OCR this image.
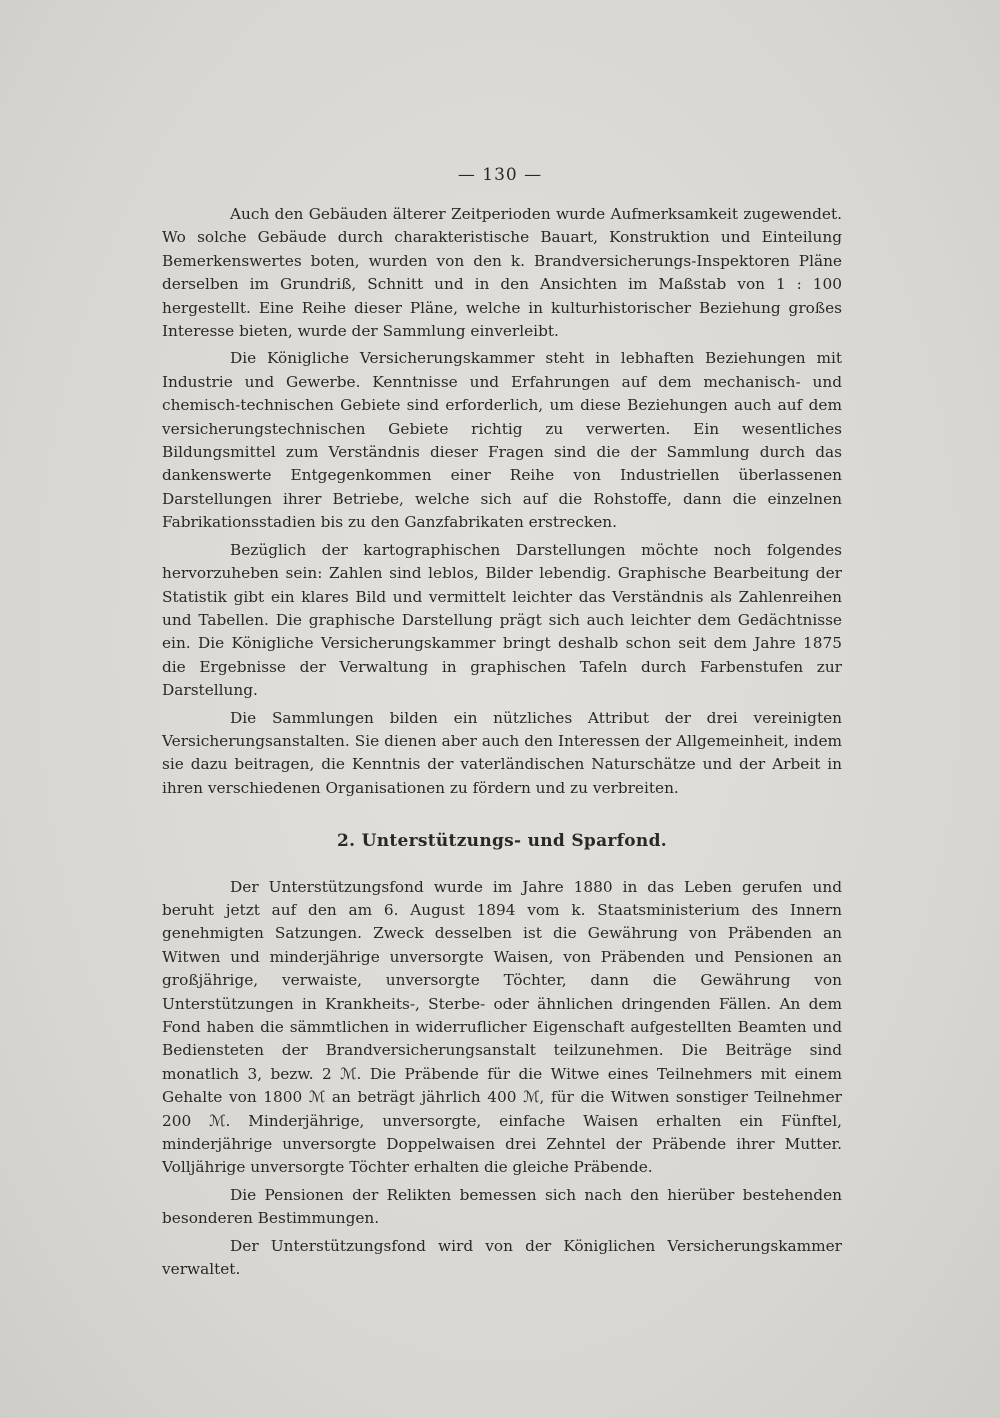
— 130 —

Auch den Gebäuden älterer Zeitperioden wurde Aufmerksamkeit zugewendet. Wo solche Gebäude durch charakteristische Bauart, Konstruktion und Einteilung Bemerkenswertes boten, wurden von den k. Brandversicherungs-Inspektoren Pläne derselben im Grundriß, Schnitt und in den Ansichten im Maßstab von 1 : 100 hergestellt. Eine Reihe dieser Pläne, welche in kulturhistorischer Beziehung großes Interesse bieten, wurde der Sammlung einverleibt.

Die Königliche Versicherungskammer steht in lebhaften Beziehungen mit Industrie und Gewerbe. Kenntnisse und Erfahrungen auf dem mechanisch- und chemisch-technischen Gebiete sind erforderlich, um diese Beziehungen auch auf dem versicherungstechnischen Gebiete richtig zu verwerten. Ein wesentliches Bildungsmittel zum Verständnis dieser Fragen sind die der Sammlung durch das dankenswerte Entgegenkommen einer Reihe von Industriellen überlassenen Darstellungen ihrer Betriebe, welche sich auf die Rohstoffe, dann die einzelnen Fabrikationsstadien bis zu den Ganzfabrikaten erstrecken.

Bezüglich der kartographischen Darstellungen möchte noch folgendes hervorzuheben sein: Zahlen sind leblos, Bilder lebendig. Graphische Bearbeitung der Statistik gibt ein klares Bild und vermittelt leichter das Verständnis als Zahlenreihen und Tabellen. Die graphische Darstellung prägt sich auch leichter dem Gedächtnisse ein. Die Königliche Versicherungskammer bringt deshalb schon seit dem Jahre 1875 die Ergebnisse der Verwaltung in graphischen Tafeln durch Farbenstufen zur Darstellung.

Die Sammlungen bilden ein nützliches Attribut der drei vereinigten Versicherungsanstalten. Sie dienen aber auch den Interessen der Allgemeinheit, indem sie dazu beitragen, die Kenntnis der vaterländischen Naturschätze und der Arbeit in ihren verschiedenen Organisationen zu fördern und zu verbreiten.

2. Unterstützungs- und Sparfond.

Der Unterstützungsfond wurde im Jahre 1880 in das Leben gerufen und beruht jetzt auf den am 6. August 1894 vom k. Staatsministerium des Innern genehmigten Satzungen. Zweck desselben ist die Gewährung von Präbenden an Witwen und minderjährige unversorgte Waisen, von Präbenden und Pensionen an großjährige, verwaiste, unversorgte Töchter, dann die Gewährung von Unterstützungen in Krankheits-, Sterbe- oder ähnlichen dringenden Fällen. An dem Fond haben die sämmtlichen in widerruflicher Eigenschaft aufgestellten Beamten und Bediensteten der Brandversicherungsanstalt teilzunehmen. Die Beiträge sind monatlich 3, bezw. 2 ℳ. Die Präbende für die Witwe eines Teilnehmers mit einem Gehalte von 1800 ℳ an beträgt jährlich 400 ℳ, für die Witwen sonstiger Teilnehmer 200 ℳ. Minderjährige, unversorgte, einfache Waisen erhalten ein Fünftel, minderjährige unversorgte Doppelwaisen drei Zehntel der Präbende ihrer Mutter. Volljährige unversorgte Töchter erhalten die gleiche Präbende.

Die Pensionen der Relikten bemessen sich nach den hierüber bestehenden besonderen Bestimmungen.

Der Unterstützungsfond wird von der Königlichen Versicherungskammer verwaltet.
